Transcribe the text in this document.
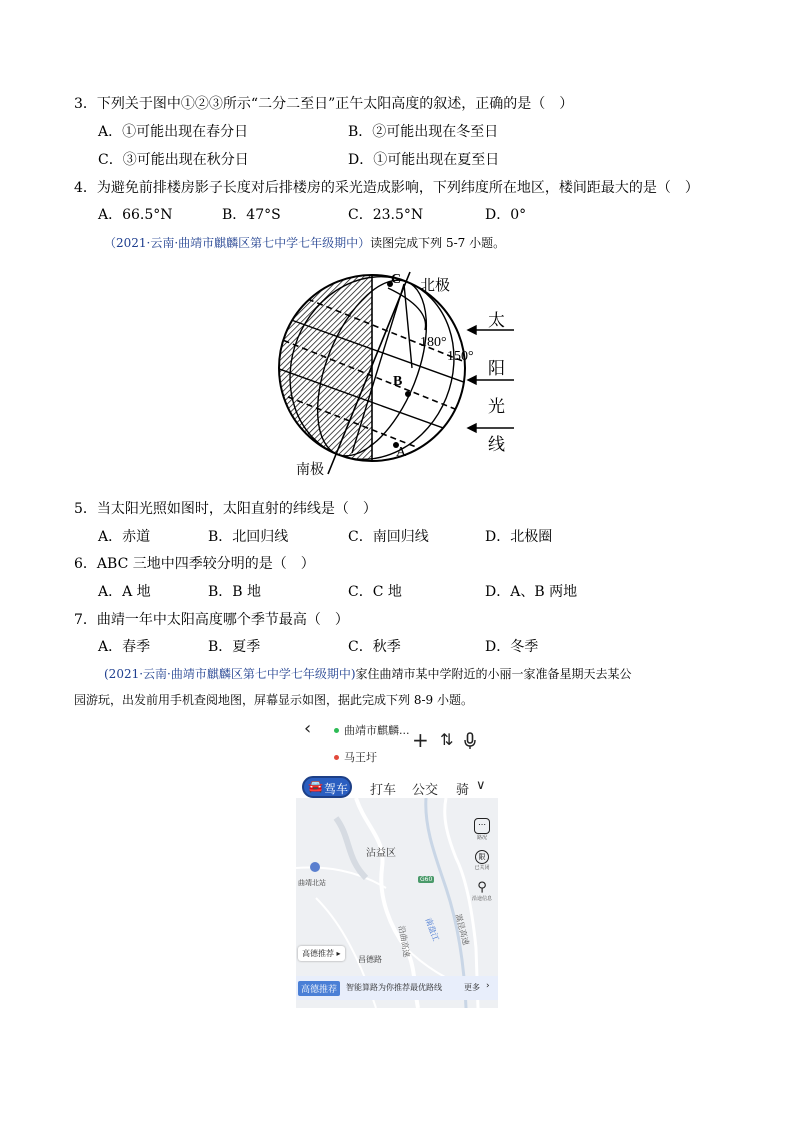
3．下列关于图中①②③所示“二分二至日”正午太阳高度的叙述，正确的是（　）
A．①可能出现在春分日	B．②可能出现在冬至日
C．③可能出现在秋分日	D．①可能出现在夏至日
4．为避免前排楼房影子长度对后排楼房的采光造成影响，下列纬度所在地区，楼间距最大的是（　）
A．66.5°N	B．47°S	C．23.5°N	D．0°
（2021·云南·曲靖市麒麟区第七中学七年级期中）读图完成下列 5-7 小题。
C
B
A
北极
南极
180°
150°
太
阳
光
线
5．当太阳光照如图时，太阳直射的纬线是（　）
A．赤道	B．北回归线	C．南回归线	D．北极圈
6．ABC 三地中四季较分明的是（　）
A．A 地	B．B 地	C．C 地	D．A、B 两地
7．曲靖一年中太阳高度哪个季节最高（　）
A．春季	B．夏季	C．秋季	D．冬季
(2021·云南·曲靖市麒麟区第七中学七年级期中)家住曲靖市某中学附近的小丽一家准备星期天去某公
园游玩，出发前用手机查阅地图，屏幕显示如图，据此完成下列 8-9 小题。
‹	曲靖市麒麟...
马王圩
+ ⇅
🚘 驾车 打车 公交 骑 ∨
沾益区
曲靖北站	G60
南盘江
沿曲高速	嵩昆高速
昌德路
高德推荐 ▸
⋯
路况
限
已关闭
⚲
沿途信息
高德推荐	智能算路为你推荐最优路线	更多 ›
